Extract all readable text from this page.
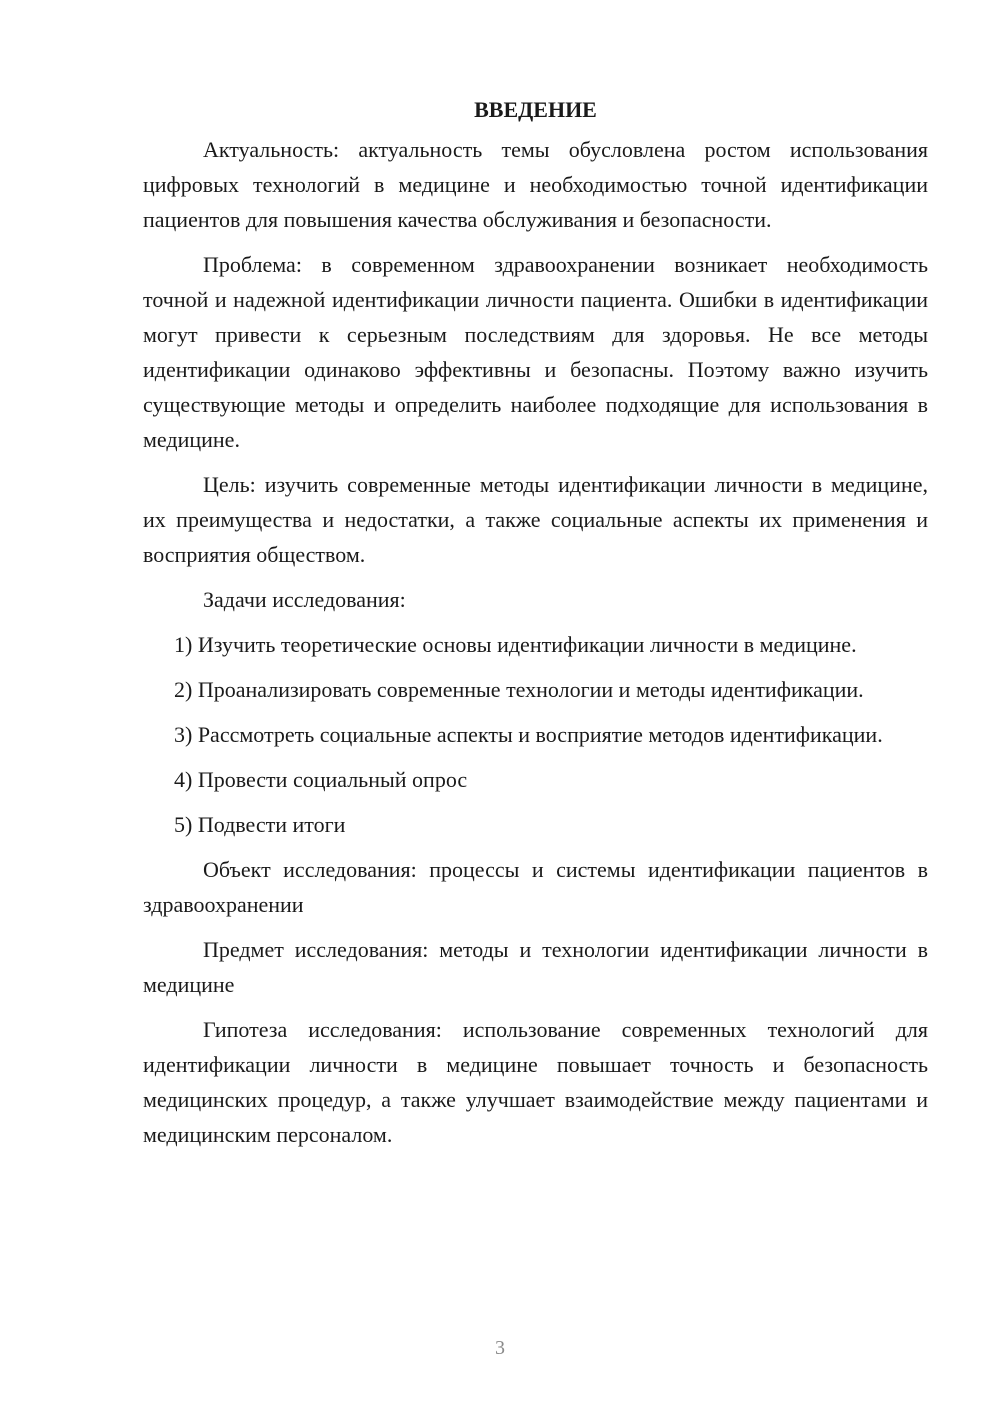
ВВЕДЕНИЕ

Актуальность: актуальность темы обусловлена ростом использования цифровых технологий в медицине и необходимостью точной идентификации пациентов для повышения качества обслуживания и безопасности.

Проблема: в современном здравоохранении возникает необходимость точной и надежной идентификации личности пациента. Ошибки в идентификации могут привести к серьезным последствиям для здоровья. Не все методы идентификации одинаково эффективны и безопасны. Поэтому важно изучить существующие методы и определить наиболее подходящие для использования в медицине.

Цель: изучить современные методы идентификации личности в медицине, их преимущества и недостатки, а также социальные аспекты их применения и восприятия обществом.

Задачи исследования:

1) Изучить теоретические основы идентификации личности в медицине.

2) Проанализировать современные технологии и методы идентификации.

3) Рассмотреть социальные аспекты и восприятие методов идентификации.

4) Провести социальный опрос

5) Подвести итоги

Объект исследования: процессы и системы идентификации пациентов в здравоохранении

Предмет исследования: методы и технологии идентификации личности в медицине

Гипотеза исследования: использование современных технологий для идентификации личности в медицине повышает точность и безопасность медицинских процедур, а также улучшает взаимодействие между пациентами и медицинским персоналом.

3
